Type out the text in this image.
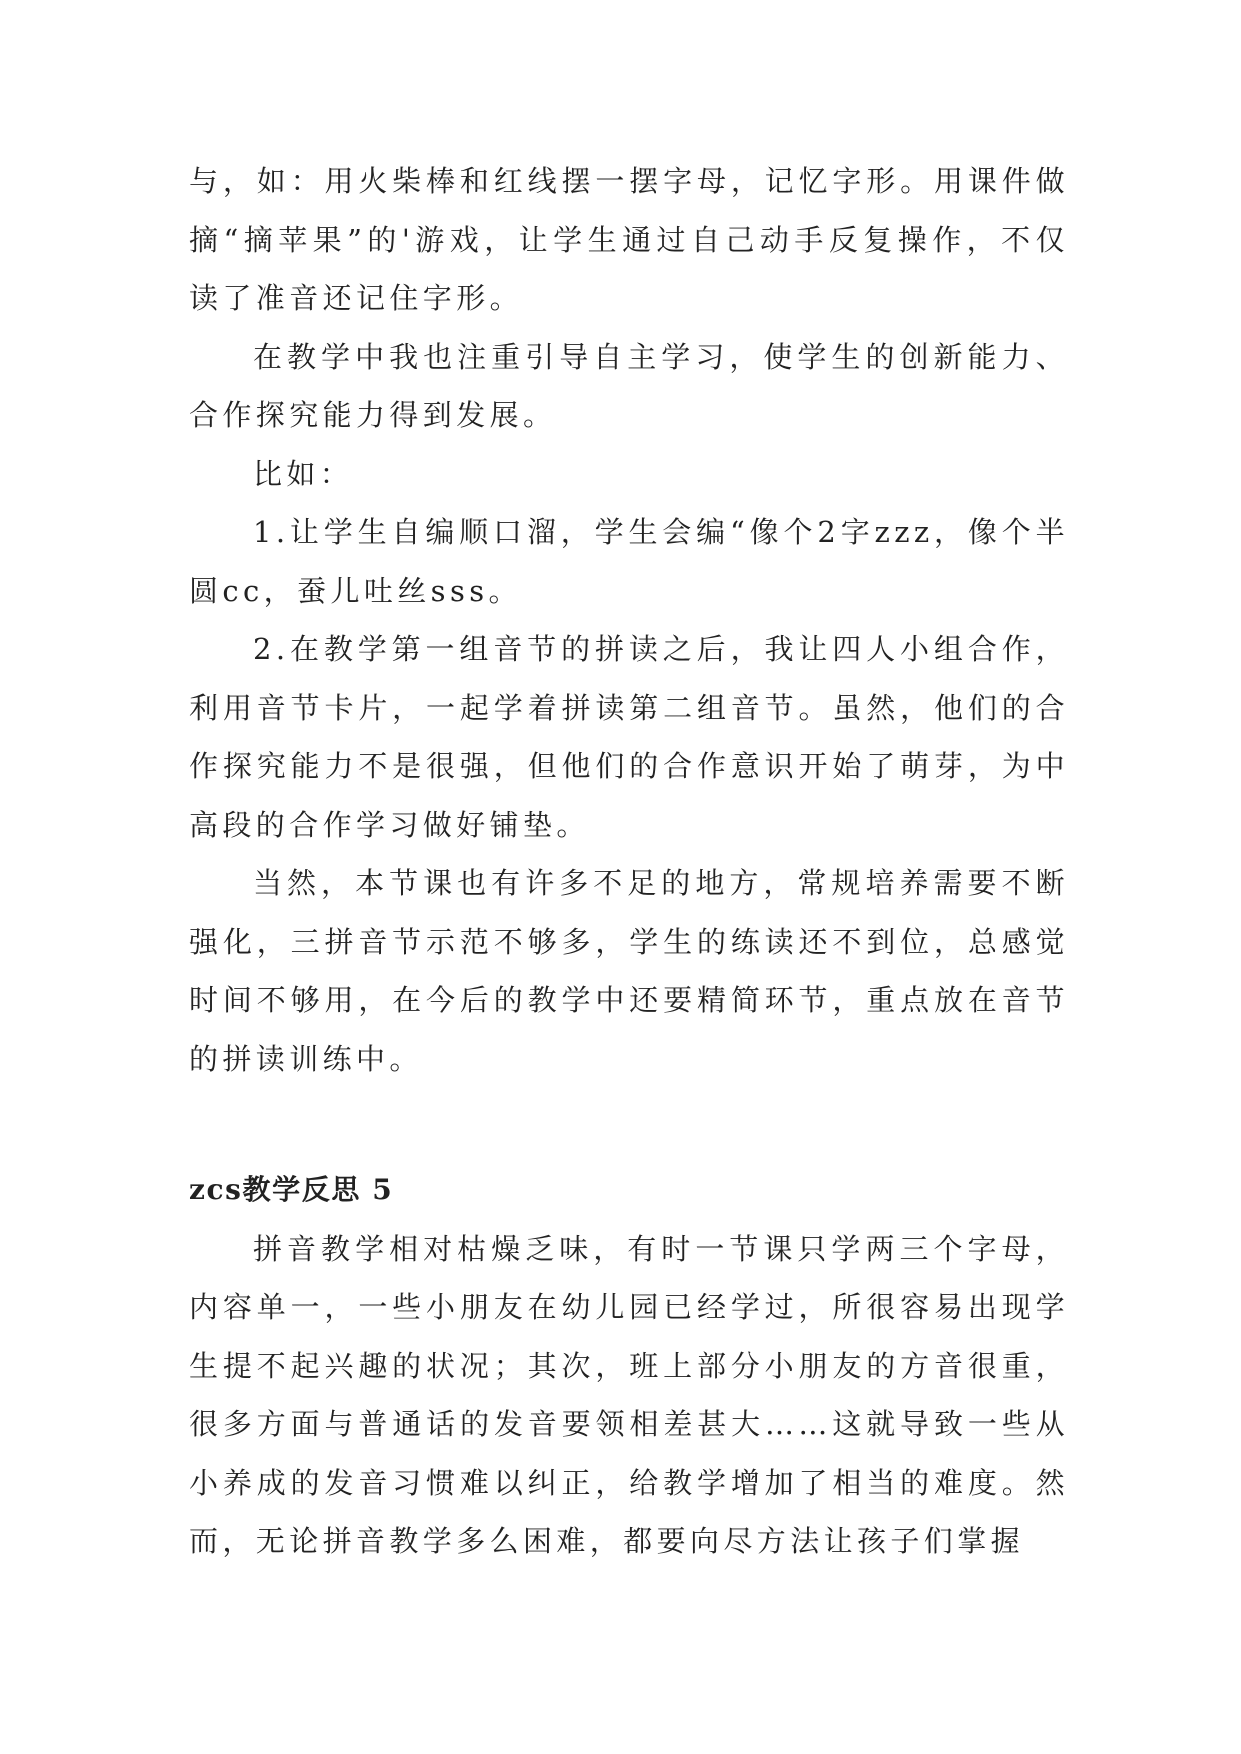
与，如：用火柴棒和红线摆一摆字母，记忆字形。用课件做摘“摘苹果”的'游戏，让学生通过自己动手反复操作，不仅读了准音还记住字形。

在教学中我也注重引导自主学习，使学生的创新能力、合作探究能力得到发展。

比如：

1.让学生自编顺口溜，学生会编“像个2字zzz，像个半圆cc，蚕儿吐丝sss。

2.在教学第一组音节的拼读之后，我让四人小组合作，利用音节卡片，一起学着拼读第二组音节。虽然，他们的合作探究能力不是很强，但他们的合作意识开始了萌芽，为中高段的合作学习做好铺垫。

当然，本节课也有许多不足的地方，常规培养需要不断强化，三拼音节示范不够多，学生的练读还不到位，总感觉时间不够用，在今后的教学中还要精简环节，重点放在音节的拼读训练中。

zcs教学反思 5

拼音教学相对枯燥乏味，有时一节课只学两三个字母，内容单一，一些小朋友在幼儿园已经学过，所很容易出现学生提不起兴趣的状况；其次，班上部分小朋友的方音很重，很多方面与普通话的发音要领相差甚大……这就导致一些从小养成的发音习惯难以纠正，给教学增加了相当的难度。然而，无论拼音教学多么困难，都要向尽方法让孩子们掌握
